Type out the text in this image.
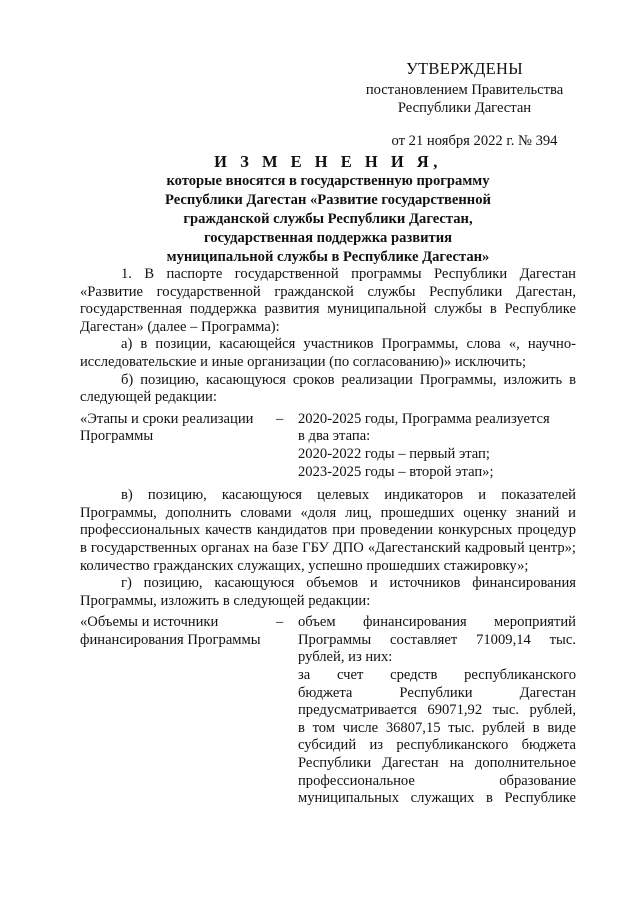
УТВЕРЖДЕНЫ
постановлением Правительства
Республики Дагестан
от 21 ноября 2022 г. № 394
И З М Е Н Е Н И Я,
которые вносятся в государственную программу
Республики Дагестан «Развитие государственной
гражданской службы Республики Дагестан,
государственная поддержка развития
муниципальной службы в Республике Дагестан»

1. В паспорте государственной программы Республики Дагестан «Развитие государственной гражданской службы Республики Дагестан, государственная поддержка развития муниципальной службы в Республике Дагестан» (далее – Программа):

а) в позиции, касающейся участников Программы, слова «, научно-исследовательские и иные организации (по согласованию)» исключить;

б) позицию, касающуюся сроков реализации Программы, изложить в следующей редакции:

«Этапы и сроки реализации Программы	–	2020-2025 годы, Программа реализуется
в два этапа:
2020-2022 годы – первый этап;
2023-2025 годы – второй этап»;

в) позицию, касающуюся целевых индикаторов и показателей Программы, дополнить словами «доля лиц, прошедших оценку знаний и профессиональных качеств кандидатов при проведении конкурсных процедур в государственных органах на базе ГБУ ДПО «Дагестанский кадровый центр»; количество гражданских служащих, успешно прошедших стажировку»;

г) позицию, касающуюся объемов и источников финансирования Программы, изложить в следующей редакции:

«Объемы и источники финансирования Программы	–	объем финансирования мероприятий
Программы составляет 71009,14 тыс.
рублей, из них:
за счет средств республиканского
бюджета Республики Дагестан
предусматривается 69071,92 тыс. рублей,
в том числе 36807,15 тыс. рублей в виде
субсидий из республиканского бюджета
Республики Дагестан на дополнительное
профессиональное образование
муниципальных служащих в Республике
